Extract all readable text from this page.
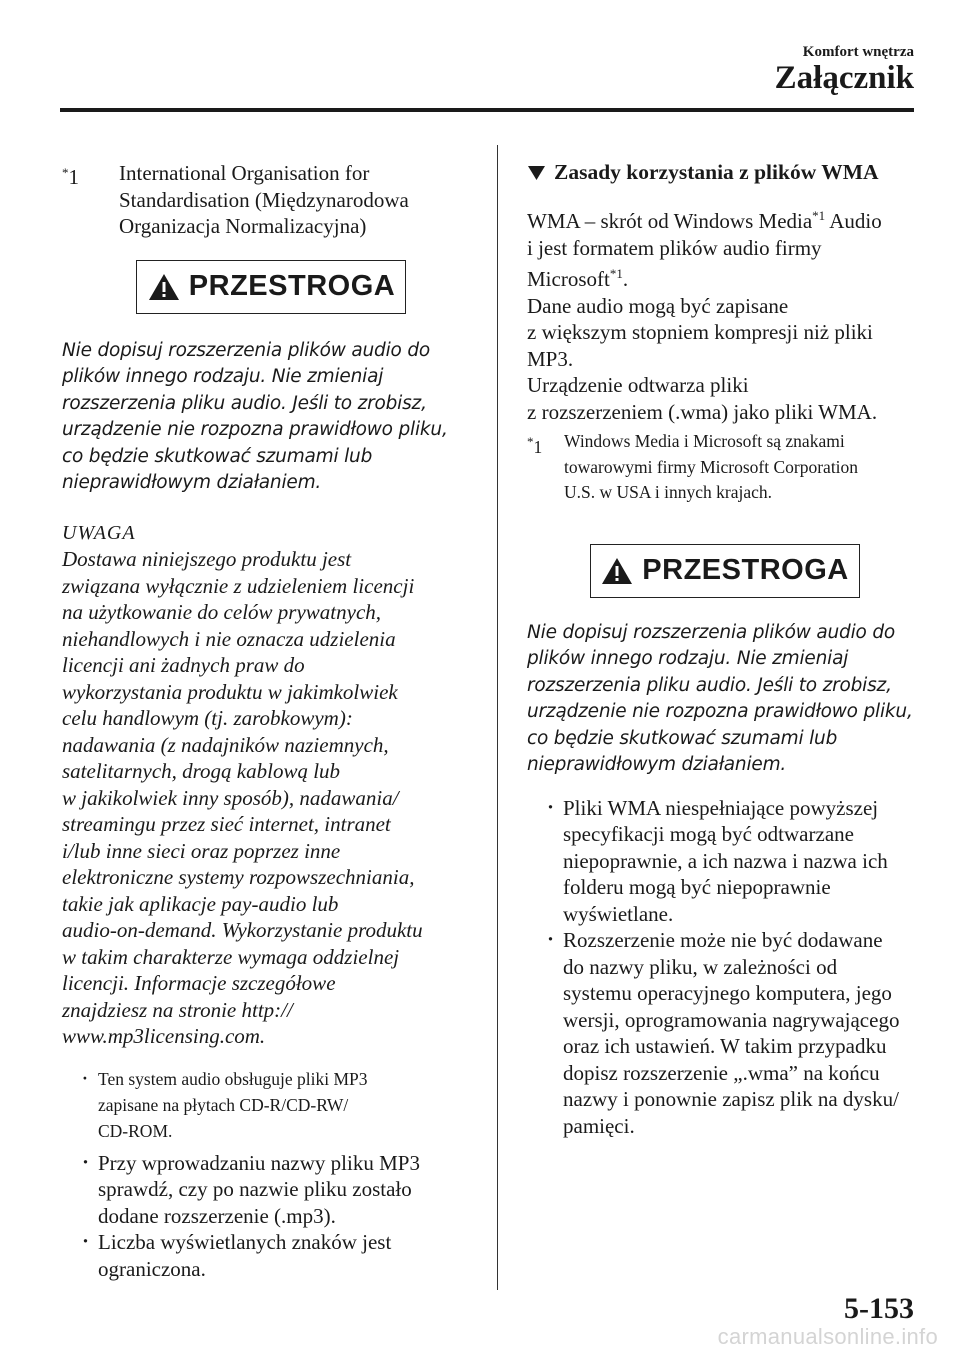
Komfort wnętrza
Załącznik
*1	International Organisation for

Standardisation (Międzynarodowa

Organizacja Normalizacyjna)

PRZESTROGA

Nie dopisuj rozszerzenia plików audio do

plików innego rodzaju. Nie zmieniaj

rozszerzenia pliku audio. Jeśli to zrobisz,

urządzenie nie rozpozna prawidłowo pliku,

co będzie skutkować szumami lub

nieprawidłowym działaniem.

UWAGA

Dostawa niniejszego produktu jest

związana wyłącznie z udzieleniem licencji

na użytkowanie do celów prywatnych,

niehandlowych i nie oznacza udzielenia

licencji ani żadnych praw do

wykorzystania produktu w jakimkolwiek

celu handlowym (tj. zarobkowym):

nadawania (z nadajników naziemnych,

satelitarnych, drogą kablową lub

w jakikolwiek inny sposób), nadawania/

streamingu przez sieć internet, intranet

i/lub inne sieci oraz poprzez inne

elektroniczne systemy rozpowszechniania,

takie jak aplikacje pay-audio lub

audio-on-demand. Wykorzystanie produktu

w takim charakterze wymaga oddzielnej

licencji. Informacje szczegółowe

znajdziesz na stronie http://

www.mp3licensing.com.

· Ten system audio obsługuje pliki MP3

zapisane na płytach CD-R/CD-RW/

CD-ROM.

· Przy wprowadzaniu nazwy pliku MP3

sprawdź, czy po nazwie pliku zostało

dodane rozszerzenie (.mp3).

· Liczba wyświetlanych znaków jest

ograniczona.

Zasady korzystania z plików WMA

WMA – skrót od Windows Media$^{*1}$ Audio

i jest formatem plików audio firmy

Microsoft$^{*1}$.

Dane audio mogą być zapisane

z większym stopniem kompresji niż pliki

MP3.

Urządzenie odtwarza pliki

z rozszerzeniem (.wma) jako pliki WMA.

*1	Windows Media i Microsoft są znakami

towarowymi firmy Microsoft Corporation

U.S. w USA i innych krajach.

PRZESTROGA

Nie dopisuj rozszerzenia plików audio do

plików innego rodzaju. Nie zmieniaj

rozszerzenia pliku audio. Jeśli to zrobisz,

urządzenie nie rozpozna prawidłowo pliku,

co będzie skutkować szumami lub

nieprawidłowym działaniem.

· Pliki WMA niespełniające powyższej

specyfikacji mogą być odtwarzane

niepoprawnie, a ich nazwa i nazwa ich

folderu mogą być niepoprawnie

wyświetlane.

· Rozszerzenie może nie być dodawane

do nazwy pliku, w zależności od

systemu operacyjnego komputera, jego

wersji, oprogramowania nagrywającego

oraz ich ustawień. W takim przypadku

dopisz rozszerzenie „.wma” na końcu

nazwy i ponownie zapisz plik na dysku/

pamięci.

5-153
carmanualsonline.info
